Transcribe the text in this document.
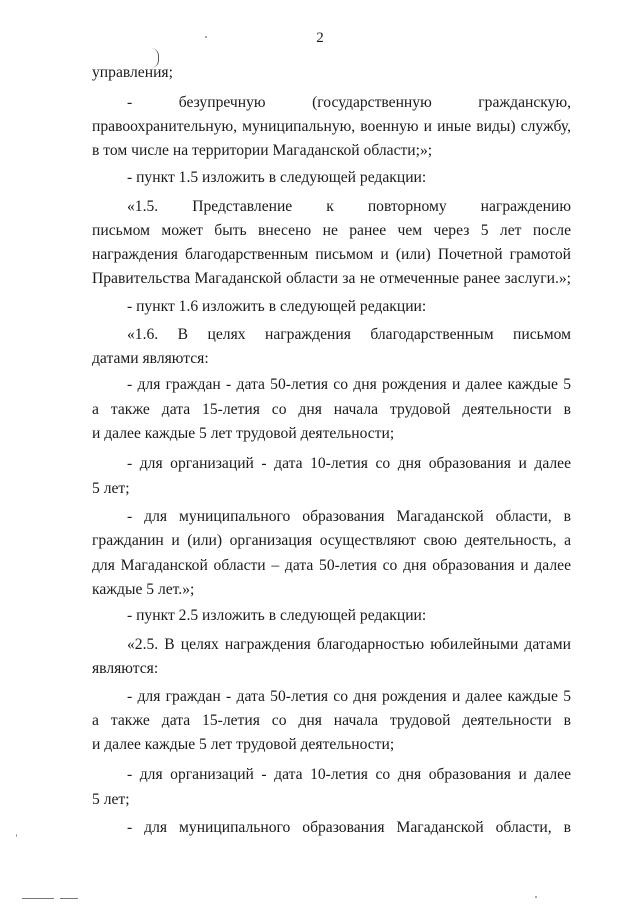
2
управления;
- безупречную (государственную гражданскую,
правоохранительную, муниципальную, военную и иные виды) службу,
в том числе на территории Магаданской области;»;
- пункт 1.5 изложить в следующей редакции:
«1.5. Представление к повторному награждению
письмом может быть внесено не ранее чем через 5 лет после
награждения благодарственным письмом и (или) Почетной грамотой
Правительства Магаданской области за не отмеченные ранее заслуги.»;
- пункт 1.6 изложить в следующей редакции:
«1.6. В целях награждения благодарственным письмом
датами являются:
- для граждан - дата 50-летия со дня рождения и далее каждые 5
а также дата 15-летия со дня начала трудовой деятельности в
и далее каждые 5 лет трудовой деятельности;
- для организаций - дата 10-летия со дня образования и далее
5 лет;
- для муниципального образования Магаданской области, в
гражданин и (или) организация осуществляют свою деятельность, а
для Магаданской области – дата 50-летия со дня образования и далее
каждые 5 лет.»;
- пункт 2.5 изложить в следующей редакции:
«2.5. В целях награждения благодарностью юбилейными датами
являются:
- для граждан - дата 50-летия со дня рождения и далее каждые 5
а также дата 15-летия со дня начала трудовой деятельности в
и далее каждые 5 лет трудовой деятельности;
- для организаций - дата 10-летия со дня образования и далее
5 лет;
- для муниципального образования Магаданской области, в
